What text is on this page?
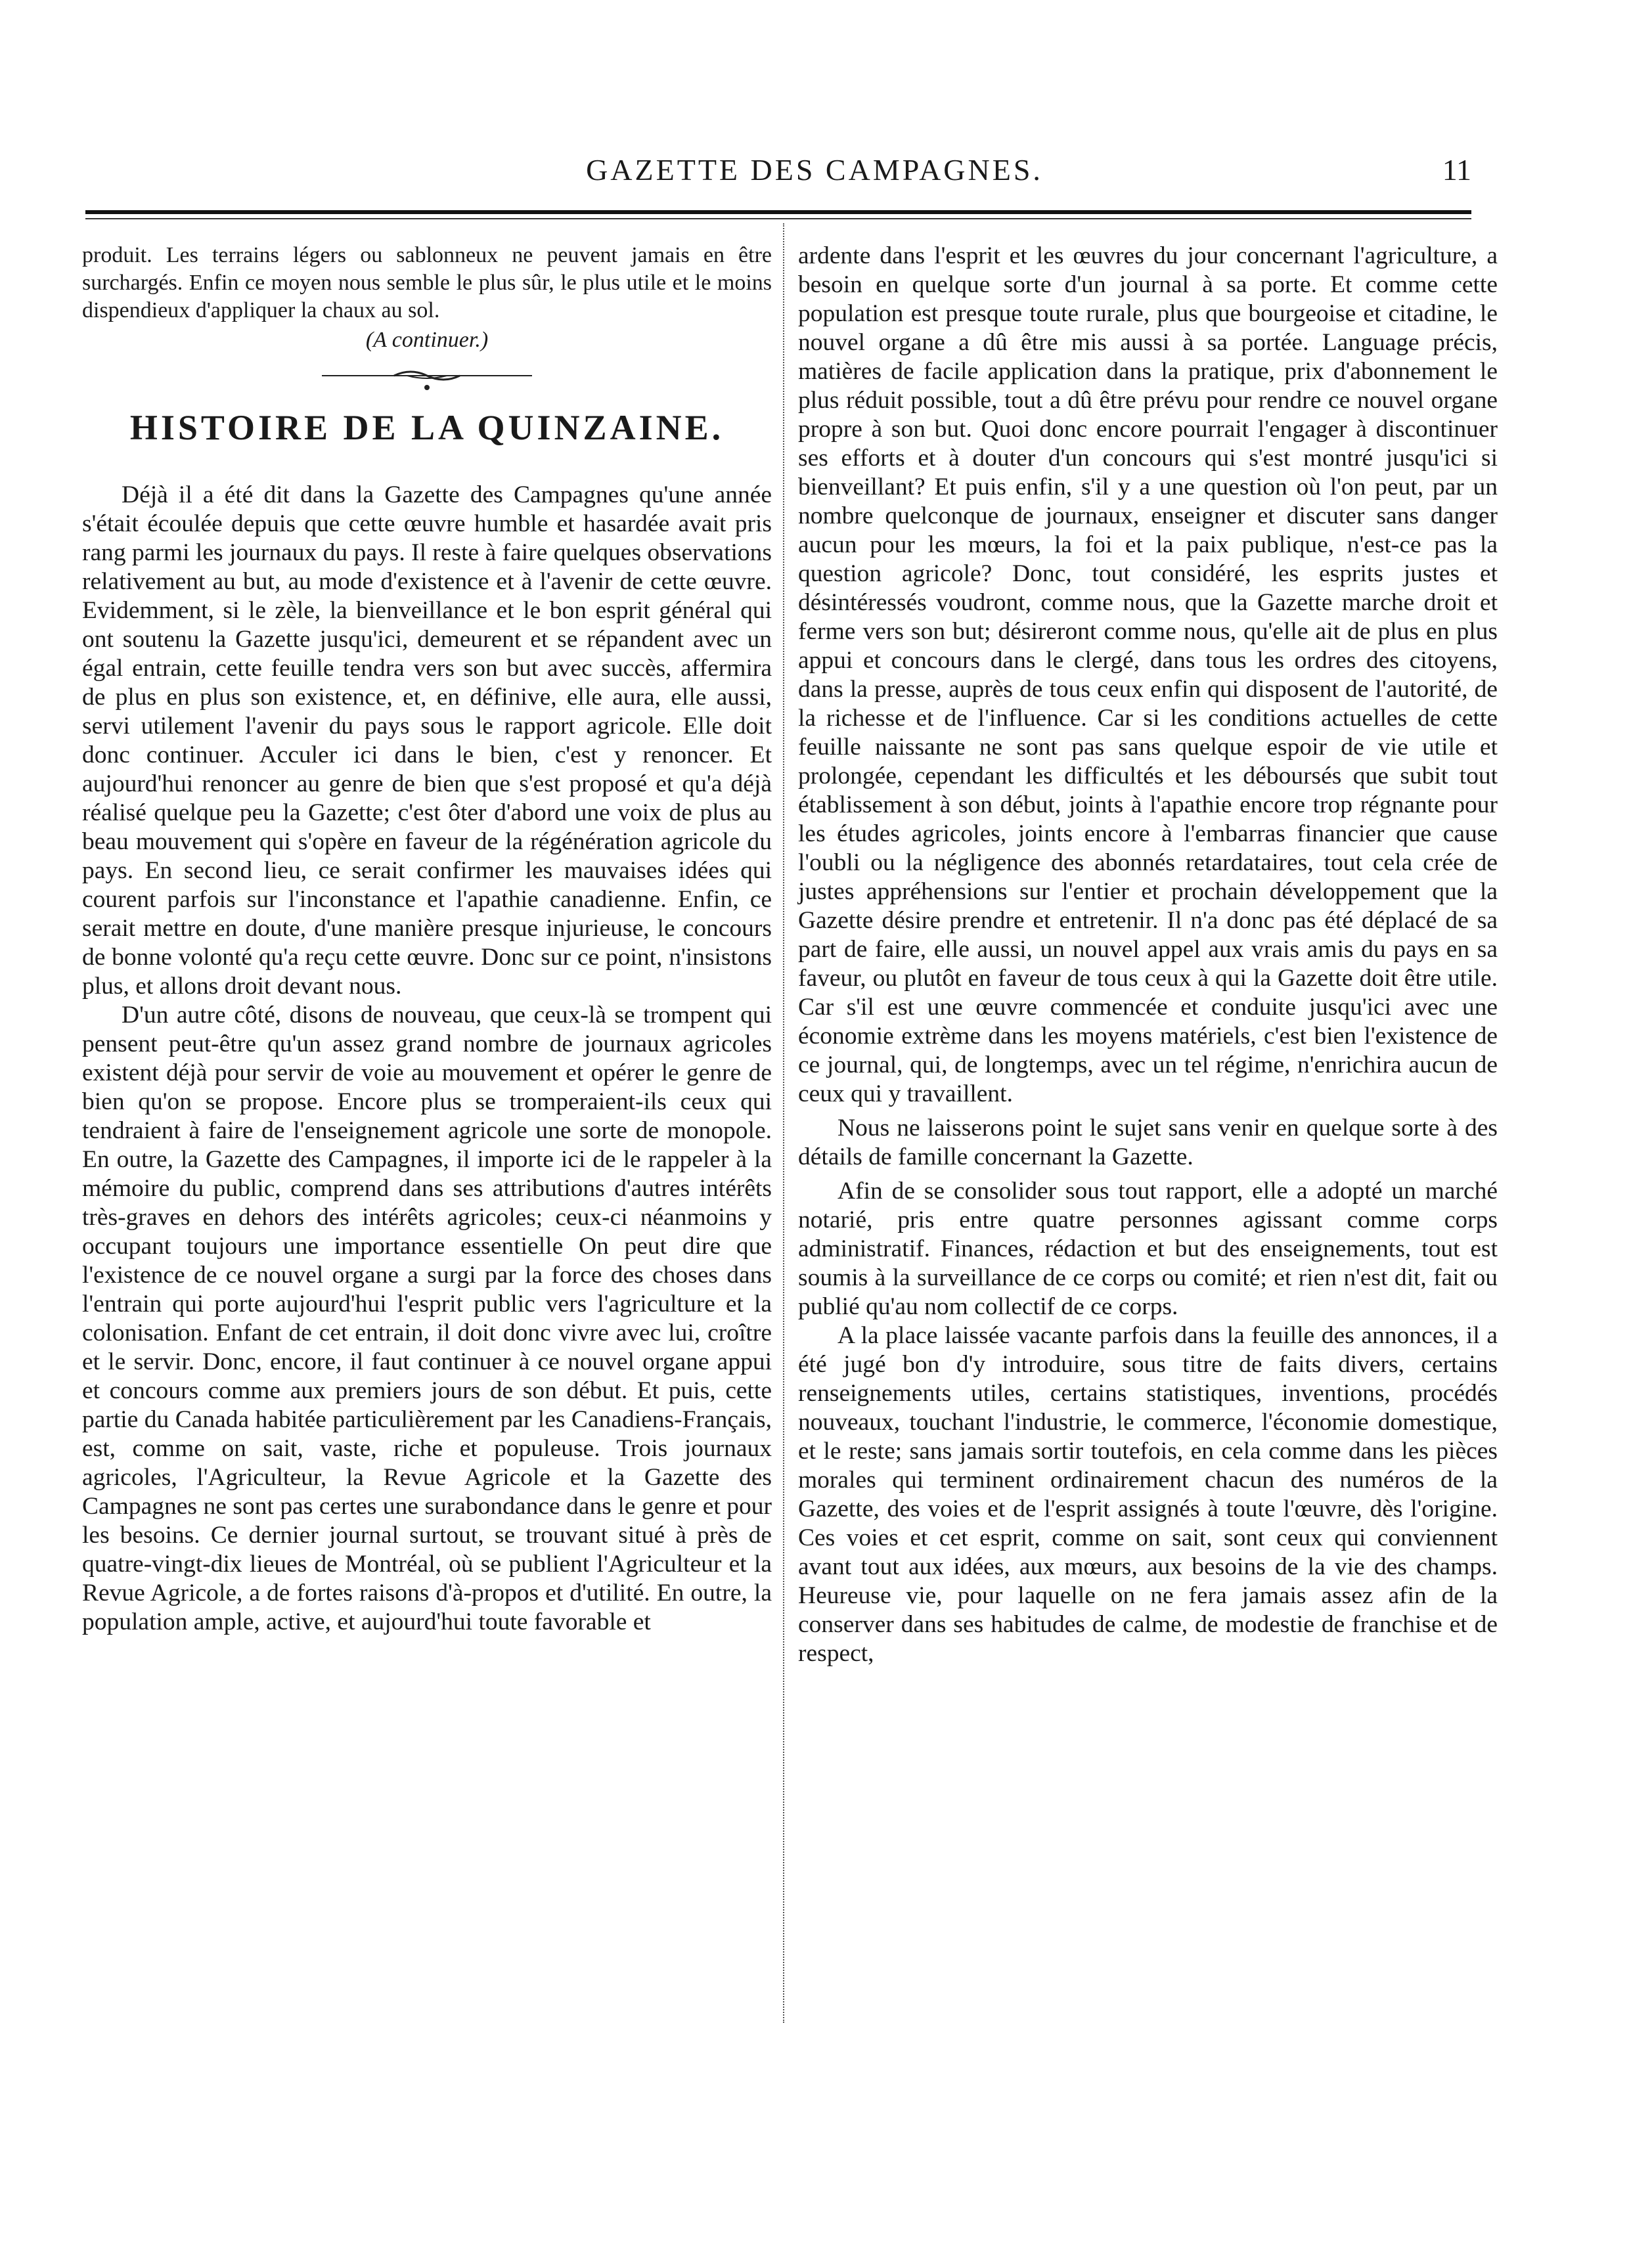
GAZETTE DES CAMPAGNES.	11

produit. Les terrains légers ou sablonneux ne peuvent jamais en être surchargés. Enfin ce moyen nous semble le plus sûr, le plus utile et le moins dispendieux d'appliquer la chaux au sol.

(A continuer.)
HISTOIRE DE LA QUINZAINE.

Déjà il a été dit dans la Gazette des Campagnes qu'une année s'était écoulée depuis que cette œuvre humble et hasardée avait pris rang parmi les journaux du pays. Il reste à faire quelques observations relativement au but, au mode d'existence et à l'avenir de cette œuvre. Evidemment, si le zèle, la bienveillance et le bon esprit général qui ont soutenu la Gazette jusqu'ici, demeurent et se répandent avec un égal entrain, cette feuille tendra vers son but avec succès, affermira de plus en plus son existence, et, en définive, elle aura, elle aussi, servi utilement l'avenir du pays sous le rapport agricole. Elle doit donc continuer. Acculer ici dans le bien, c'est y renoncer. Et aujourd'hui renoncer au genre de bien que s'est proposé et qu'a déjà réalisé quelque peu la Gazette; c'est ôter d'abord une voix de plus au beau mouvement qui s'opère en faveur de la régénération agricole du pays. En second lieu, ce serait confirmer les mauvaises idées qui courent parfois sur l'inconstance et l'apathie canadienne. Enfin, ce serait mettre en doute, d'une manière presque injurieuse, le concours de bonne volonté qu'a reçu cette œuvre. Donc sur ce point, n'insistons plus, et allons droit devant nous.

D'un autre côté, disons de nouveau, que ceux-là se trompent qui pensent peut-être qu'un assez grand nombre de journaux agricoles existent déjà pour servir de voie au mouvement et opérer le genre de bien qu'on se propose. Encore plus se tromperaient-ils ceux qui tendraient à faire de l'enseignement agricole une sorte de monopole. En outre, la Gazette des Campagnes, il importe ici de le rappeler à la mémoire du public, comprend dans ses attributions d'autres intérêts très-graves en dehors des intérêts agricoles; ceux-ci néanmoins y occupant toujours une importance essentielle On peut dire que l'existence de ce nouvel organe a surgi par la force des choses dans l'entrain qui porte aujourd'hui l'esprit public vers l'agriculture et la colonisation. Enfant de cet entrain, il doit donc vivre avec lui, croître et le servir. Donc, encore, il faut continuer à ce nouvel organe appui et concours comme aux premiers jours de son début. Et puis, cette partie du Canada habitée particulièrement par les Canadiens-Français, est, comme on sait, vaste, riche et populeuse. Trois journaux agricoles, l'Agriculteur, la Revue Agricole et la Gazette des Campagnes ne sont pas certes une surabondance dans le genre et pour les besoins. Ce dernier journal surtout, se trouvant situé à près de quatre-vingt-dix lieues de Montréal, où se publient l'Agriculteur et la Revue Agricole, a de fortes raisons d'à-propos et d'utilité. En outre, la population ample, active, et aujourd'hui toute favorable et

ardente dans l'esprit et les œuvres du jour concernant l'agriculture, a besoin en quelque sorte d'un journal à sa porte. Et comme cette population est presque toute rurale, plus que bourgeoise et citadine, le nouvel organe a dû être mis aussi à sa portée. Language précis, matières de facile application dans la pratique, prix d'abonnement le plus réduit possible, tout a dû être prévu pour rendre ce nouvel organe propre à son but. Quoi donc encore pourrait l'engager à discontinuer ses efforts et à douter d'un concours qui s'est montré jusqu'ici si bienveillant? Et puis enfin, s'il y a une question où l'on peut, par un nombre quelconque de journaux, enseigner et discuter sans danger aucun pour les mœurs, la foi et la paix publique, n'est-ce pas la question agricole? Donc, tout considéré, les esprits justes et désintéressés voudront, comme nous, que la Gazette marche droit et ferme vers son but; désireront comme nous, qu'elle ait de plus en plus appui et concours dans le clergé, dans tous les ordres des citoyens, dans la presse, auprès de tous ceux enfin qui disposent de l'autorité, de la richesse et de l'influence. Car si les conditions actuelles de cette feuille naissante ne sont pas sans quelque espoir de vie utile et prolongée, cependant les difficultés et les déboursés que subit tout établissement à son début, joints à l'apathie encore trop régnante pour les études agricoles, joints encore à l'embarras financier que cause l'oubli ou la négligence des abonnés retardataires, tout cela crée de justes appréhensions sur l'entier et prochain développement que la Gazette désire prendre et entretenir. Il n'a donc pas été déplacé de sa part de faire, elle aussi, un nouvel appel aux vrais amis du pays en sa faveur, ou plutôt en faveur de tous ceux à qui la Gazette doit être utile. Car s'il est une œuvre commencée et conduite jusqu'ici avec une économie extrème dans les moyens matériels, c'est bien l'existence de ce journal, qui, de longtemps, avec un tel régime, n'enrichira aucun de ceux qui y travaillent.

Nous ne laisserons point le sujet sans venir en quelque sorte à des détails de famille concernant la Gazette.

Afin de se consolider sous tout rapport, elle a adopté un marché notarié, pris entre quatre personnes agissant comme corps administratif. Finances, rédaction et but des enseignements, tout est soumis à la surveillance de ce corps ou comité; et rien n'est dit, fait ou publié qu'au nom collectif de ce corps.

A la place laissée vacante parfois dans la feuille des annonces, il a été jugé bon d'y introduire, sous titre de faits divers, certains renseignements utiles, certains statistiques, inventions, procédés nouveaux, touchant l'industrie, le commerce, l'économie domestique, et le reste; sans jamais sortir toutefois, en cela comme dans les pièces morales qui terminent ordinairement chacun des numéros de la Gazette, des voies et de l'esprit assignés à toute l'œuvre, dès l'origine. Ces voies et cet esprit, comme on sait, sont ceux qui conviennent avant tout aux idées, aux mœurs, aux besoins de la vie des champs. Heureuse vie, pour laquelle on ne fera jamais assez afin de la conserver dans ses habitudes de calme, de modestie de franchise et de respect,
